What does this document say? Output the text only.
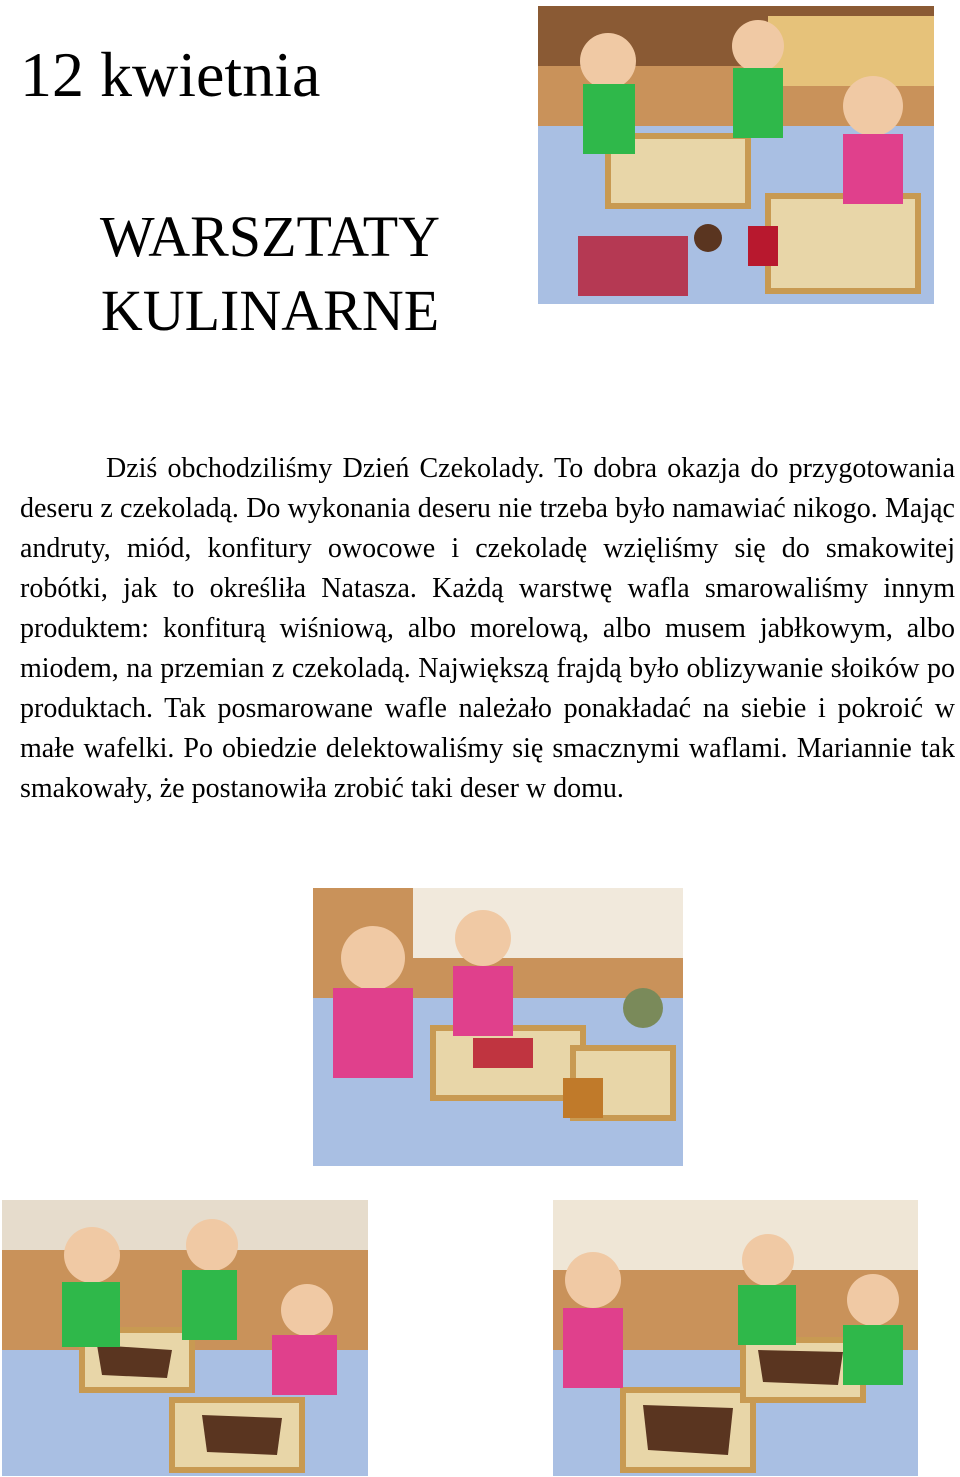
12 kwietnia
WARSZTATY
KULINARNE

Dziś obchodziliśmy Dzień Czekolady. To dobra okazja do przygotowania deseru z czekoladą. Do wykonania deseru nie trzeba było namawiać nikogo. Mając andruty, miód, konfitury owocowe i czekoladę wzięliśmy się do smakowitej robótki, jak to określiła Natasza. Każdą warstwę wafla smarowaliśmy innym produktem: konfiturą wiśniową, albo morelową, albo musem jabłkowym, albo miodem, na przemian z czekoladą. Największą frajdą było oblizywanie słoików po produktach. Tak posmarowane wafle należało ponakładać na siebie i pokroić w małe wafelki. Po obiedzie delektowaliśmy się smacznymi waflami. Mariannie tak smakowały, że postanowiła zrobić taki deser w domu.
